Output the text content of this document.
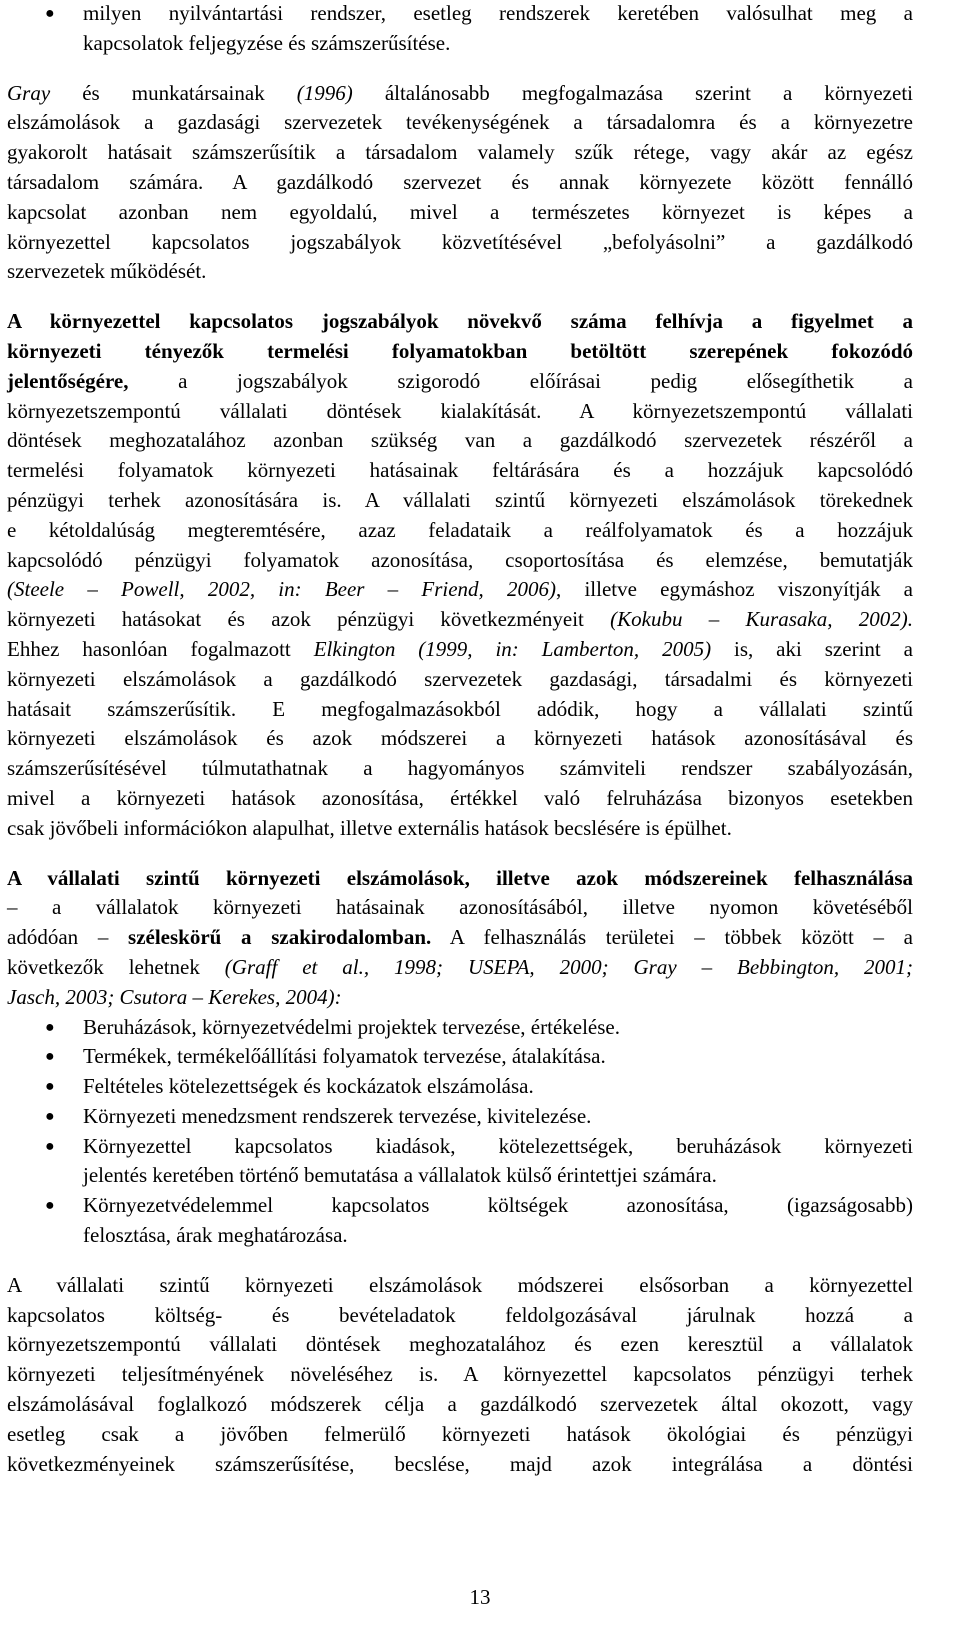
●	milyen nyilvántartási rendszer, esetleg rendszerek keretében valósulhat meg a
kapcsolatok feljegyzése és számszerűsítése.
Gray és munkatársainak (1996) általánosabb megfogalmazása szerint a környezeti
elszámolások a gazdasági szervezetek tevékenységének a társadalomra és a környezetre
gyakorolt hatásait számszerűsítik a társadalom valamely szűk rétege, vagy akár az egész
társadalom számára. A gazdálkodó szervezet és annak környezete között fennálló
kapcsolat azonban nem egyoldalú, mivel a természetes környezet is képes a
környezettel kapcsolatos jogszabályok közvetítésével „befolyásolni” a gazdálkodó
szervezetek működését.
A környezettel kapcsolatos jogszabályok növekvő száma felhívja a figyelmet a
környezeti tényezők termelési folyamatokban betöltött szerepének fokozódó
jelentőségére, a jogszabályok szigorodó előírásai pedig elősegíthetik a
környezetszempontú vállalati döntések kialakítását. A környezetszempontú vállalati
döntések meghozatalához azonban szükség van a gazdálkodó szervezetek részéről a
termelési folyamatok környezeti hatásainak feltárására és a hozzájuk kapcsolódó
pénzügyi terhek azonosítására is. A vállalati szintű környezeti elszámolások törekednek
e kétoldalúság megteremtésére, azaz feladataik a reálfolyamatok és a hozzájuk
kapcsolódó pénzügyi folyamatok azonosítása, csoportosítása és elemzése, bemutatják
(Steele – Powell, 2002, in: Beer – Friend, 2006), illetve egymáshoz viszonyítják a
környezeti hatásokat és azok pénzügyi következményeit (Kokubu – Kurasaka, 2002).
Ehhez hasonlóan fogalmazott Elkington (1999, in: Lamberton, 2005) is, aki szerint a
környezeti elszámolások a gazdálkodó szervezetek gazdasági, társadalmi és környezeti
hatásait számszerűsítik. E megfogalmazásokból adódik, hogy a vállalati szintű
környezeti elszámolások és azok módszerei a környezeti hatások azonosításával és
számszerűsítésével túlmutathatnak a hagyományos számviteli rendszer szabályozásán,
mivel a környezeti hatások azonosítása, értékkel való felruházása bizonyos esetekben
csak jövőbeli információkon alapulhat, illetve externális hatások becslésére is épülhet.
A vállalati szintű környezeti elszámolások, illetve azok módszereinek felhasználása
– a vállalatok környezeti hatásainak azonosításából, illetve nyomon követéséből
adódóan – széleskörű a szakirodalomban. A felhasználás területei – többek között – a
következők lehetnek (Graff et al., 1998; USEPA, 2000; Gray – Bebbington, 2001;
Jasch, 2003; Csutora – Kerekes, 2004):
●	Beruházások, környezetvédelmi projektek tervezése, értékelése.
●	Termékek, termékelőállítási folyamatok tervezése, átalakítása.
●	Feltételes kötelezettségek és kockázatok elszámolása.
●	Környezeti menedzsment rendszerek tervezése, kivitelezése.
●	Környezettel kapcsolatos kiadások, kötelezettségek, beruházások környezeti
jelentés keretében történő bemutatása a vállalatok külső érintettjei számára.
●	Környezetvédelemmel kapcsolatos költségek azonosítása, (igazságosabb)
felosztása, árak meghatározása.
A vállalati szintű környezeti elszámolások módszerei elsősorban a környezettel
kapcsolatos költség- és bevételadatok feldolgozásával járulnak hozzá a
környezetszempontú vállalati döntések meghozatalához és ezen keresztül a vállalatok
környezeti teljesítményének növeléséhez is. A környezettel kapcsolatos pénzügyi terhek
elszámolásával foglalkozó módszerek célja a gazdálkodó szervezetek által okozott, vagy
esetleg csak a jövőben felmerülő környezeti hatások ökológiai és pénzügyi
következményeinek számszerűsítése, becslése, majd azok integrálása a döntési
13
